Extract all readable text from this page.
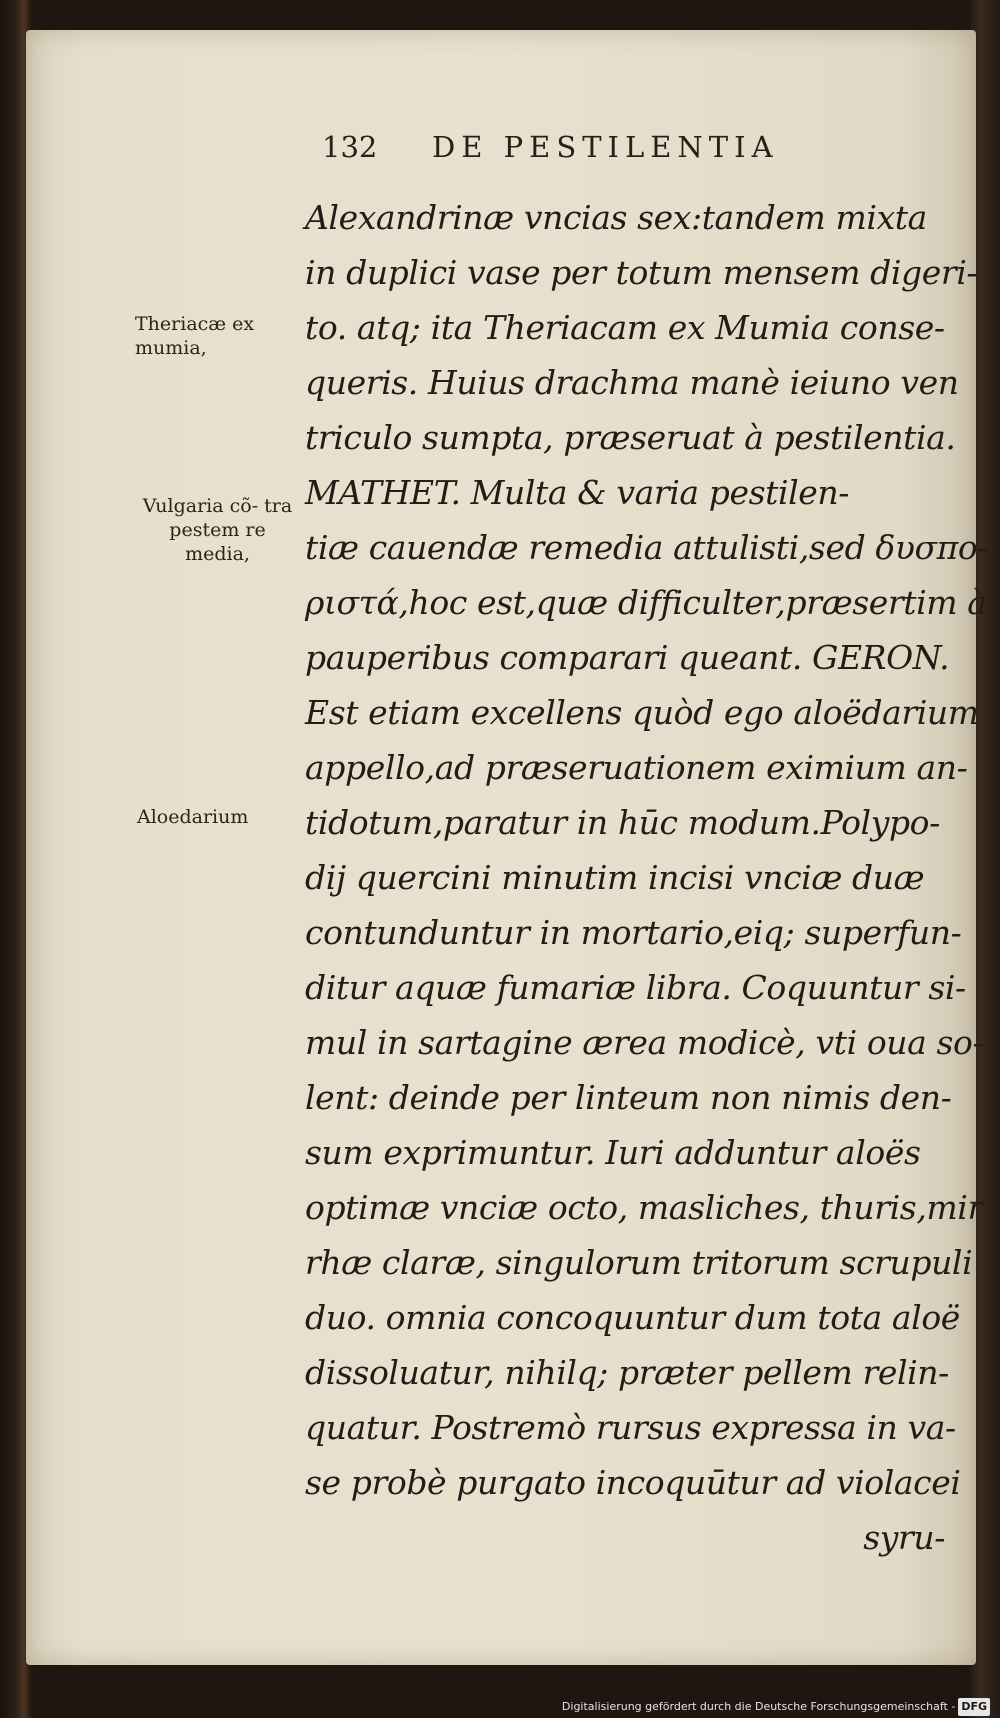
132 DE PESTILENTIA
Theriacæ ex mumia,
Vulgaria cõ- tra pestem re media,
Aloedarium
Alexandrinæ vncias sex:tandem mixta
in duplici vase per totum mensem digeri-
to. atq; ita Theriacam ex Mumia conse-
queris. Huius drachma manè ieiuno ven
triculo sumpta, præseruat à pestilentia.
MATHET. Multa & varia pestilen-
tiæ cauendæ remedia attulisti,sed δυσπο-
ριστά,hoc est,quæ difficulter,præsertim à
pauperibus comparari queant. GERON.
Est etiam excellens quòd ego aloëdarium
appello,ad præseruationem eximium an-
tidotum,paratur in hūc modum.Polypo-
dij quercini minutim incisi vnciæ duæ
contunduntur in mortario,eiq; superfun-
ditur aquæ fumariæ libra. Coquuntur si-
mul in sartagine ærea modicè, vti oua so-
lent: deinde per linteum non nimis den-
sum exprimuntur. Iuri adduntur aloës
optimæ vnciæ octo, masliches, thuris,mir
rhæ claræ, singulorum tritorum scrupuli
duo. omnia concoquuntur dum tota aloë
dissoluatur, nihilq; præter pellem relin-
quatur. Postremò rursus expressa in va-
se probè purgato incoquūtur ad violacei
syru-
Digitalisierung gefördert durch die Deutsche Forschungsgemeinschaft - DFG
